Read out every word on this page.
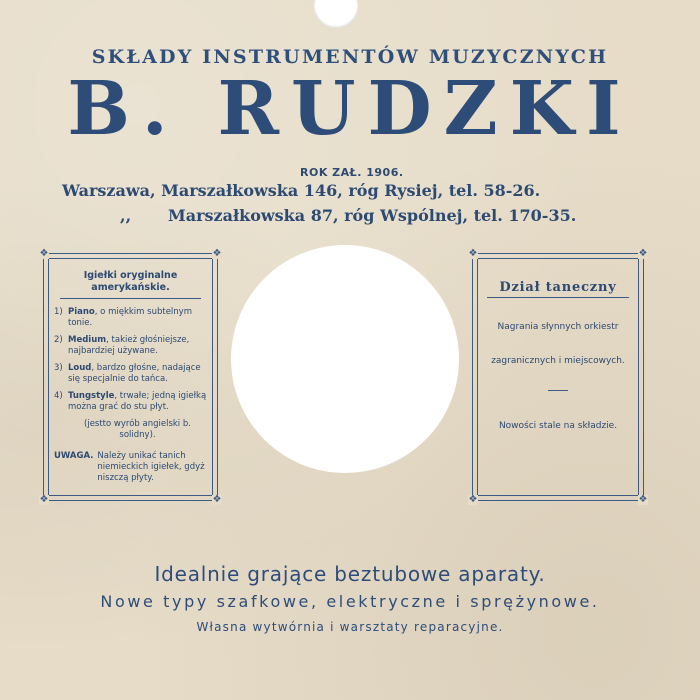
SKŁADY INSTRUMENTÓW MUZYCZNYCH
B. RUDZKI
ROK ZAŁ. 1906.
Warszawa, Marszałkowska 146, róg Rysiej, tel. 58-26.
,, Marszałkowska 87, róg Wspólnej, tel. 170-35.
❖	❖
❖	❖
Igiełki oryginalne amerykańskie.
1) Piano, o miękkim subtelnym tonie.
2) Medium, takież głośniejsze, najbardziej używane.
3) Loud, bardzo głośne, nadające się specjalnie do tańca.
4) Tungstyle, trwałe; jedną igiełką można grać do stu płyt.
(jestto wyrób angielski b. solidny).
UWAGA. Należy unikać tanich niemieckich igiełek, gdyż niszczą płyty.
❖	❖
❖	❖
Dział taneczny
Nagrania słynnych orkiestr
zagranicznych i miejscowych.
Nowości stale na składzie.
Idealnie grające beztubowe aparaty.
Nowe typy szafkowe, elektryczne i sprężynowe.
Własna wytwórnia i warsztaty reparacyjne.
